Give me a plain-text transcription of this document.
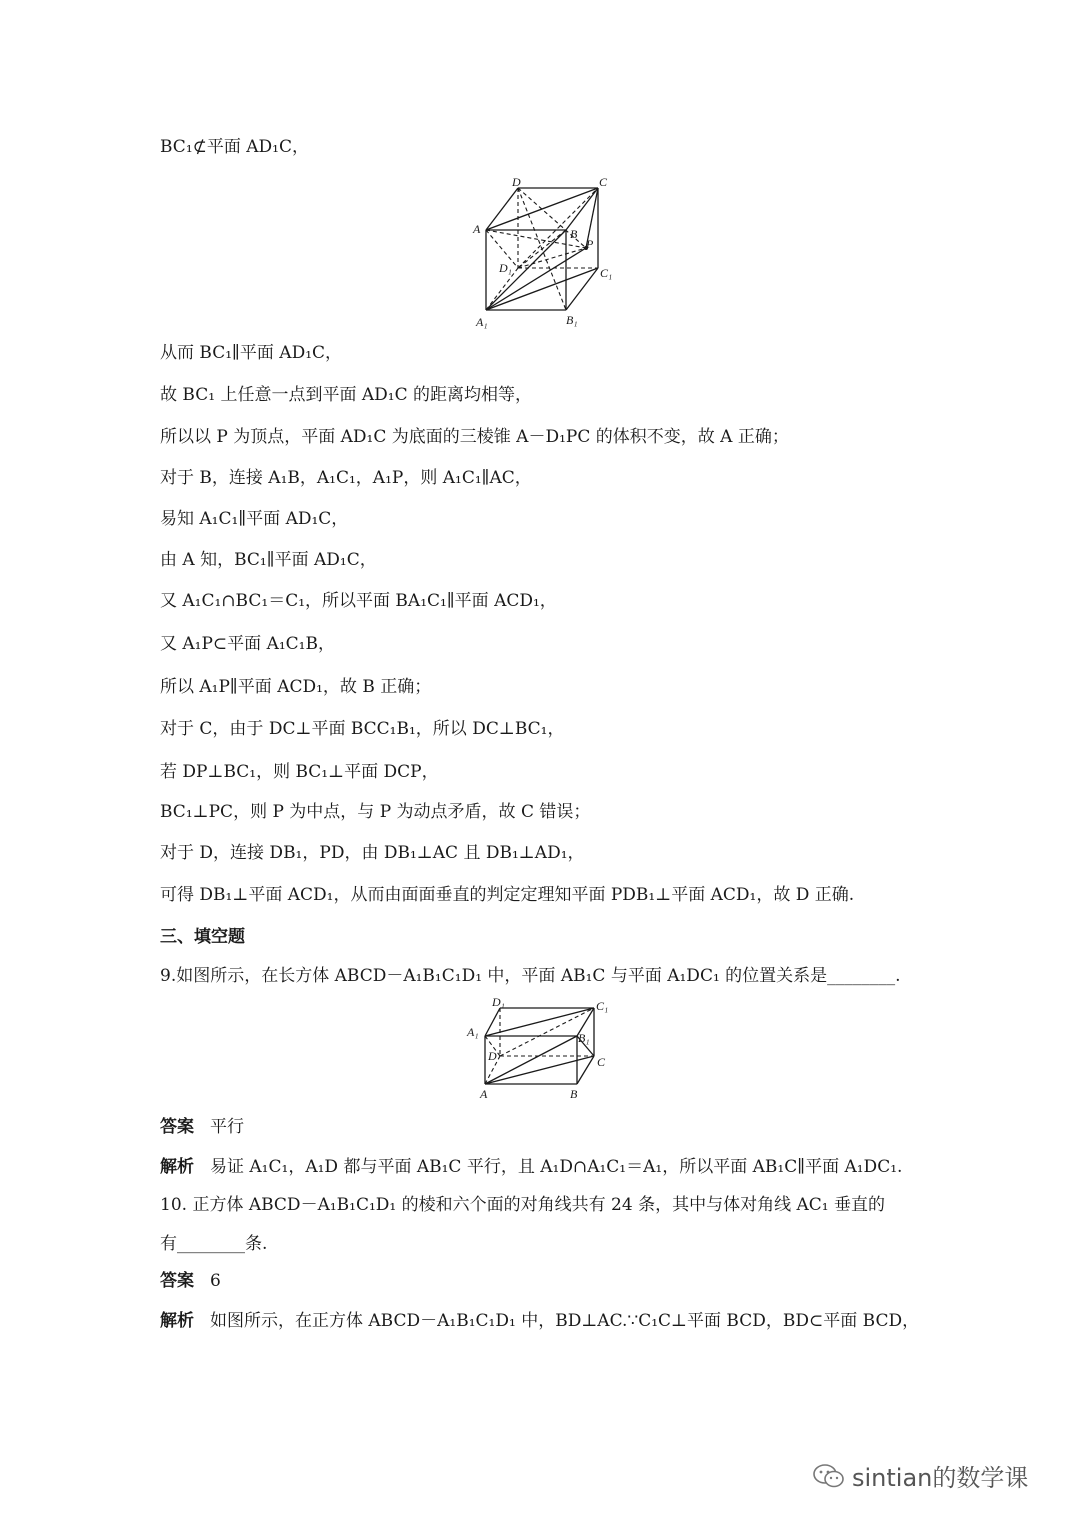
BC₁⊄平面 AD₁C，
从而 BC₁∥平面 AD₁C，
故 BC₁ 上任意一点到平面 AD₁C 的距离均相等，
所以以 P 为顶点，平面 AD₁C 为底面的三棱锥 A－D₁PC 的体积不变，故 A 正确；
对于 B，连接 A₁B，A₁C₁，A₁P，则 A₁C₁∥AC，
易知 A₁C₁∥平面 AD₁C，
由 A 知，BC₁∥平面 AD₁C，
又 A₁C₁∩BC₁＝C₁，所以平面 BA₁C₁∥平面 ACD₁，
又 A₁P⊂平面 A₁C₁B，
所以 A₁P∥平面 ACD₁，故 B 正确；
对于 C，由于 DC⊥平面 BCC₁B₁，所以 DC⊥BC₁，
若 DP⊥BC₁，则 BC₁⊥平面 DCP，
BC₁⊥PC，则 P 为中点，与 P 为动点矛盾，故 C 错误；
对于 D，连接 DB₁，PD，由 DB₁⊥AC 且 DB₁⊥AD₁，
可得 DB₁⊥平面 ACD₁，从而由面面垂直的判定定理知平面 PDB₁⊥平面 ACD₁，故 D 正确.
D	C
A	B
P
D₁	C₁
A₁	B₁
三、填空题
9.如图所示，在长方体 ABCD－A₁B₁C₁D₁ 中，平面 AB₁C 与平面 A₁DC₁ 的位置关系是________.
D₁	C₁
A₁	B₁
D	C
A	B
答案 平行
解析 易证 A₁C₁，A₁D 都与平面 AB₁C 平行，且 A₁D∩A₁C₁＝A₁，所以平面 AB₁C∥平面 A₁DC₁.
10. 正方体 ABCD－A₁B₁C₁D₁ 的棱和六个面的对角线共有 24 条，其中与体对角线 AC₁ 垂直的
有________条.
答案 6
解析 如图所示，在正方体 ABCD－A₁B₁C₁D₁ 中，BD⊥AC.∵C₁C⊥平面 BCD，BD⊂平面 BCD，
sintian的数学课
